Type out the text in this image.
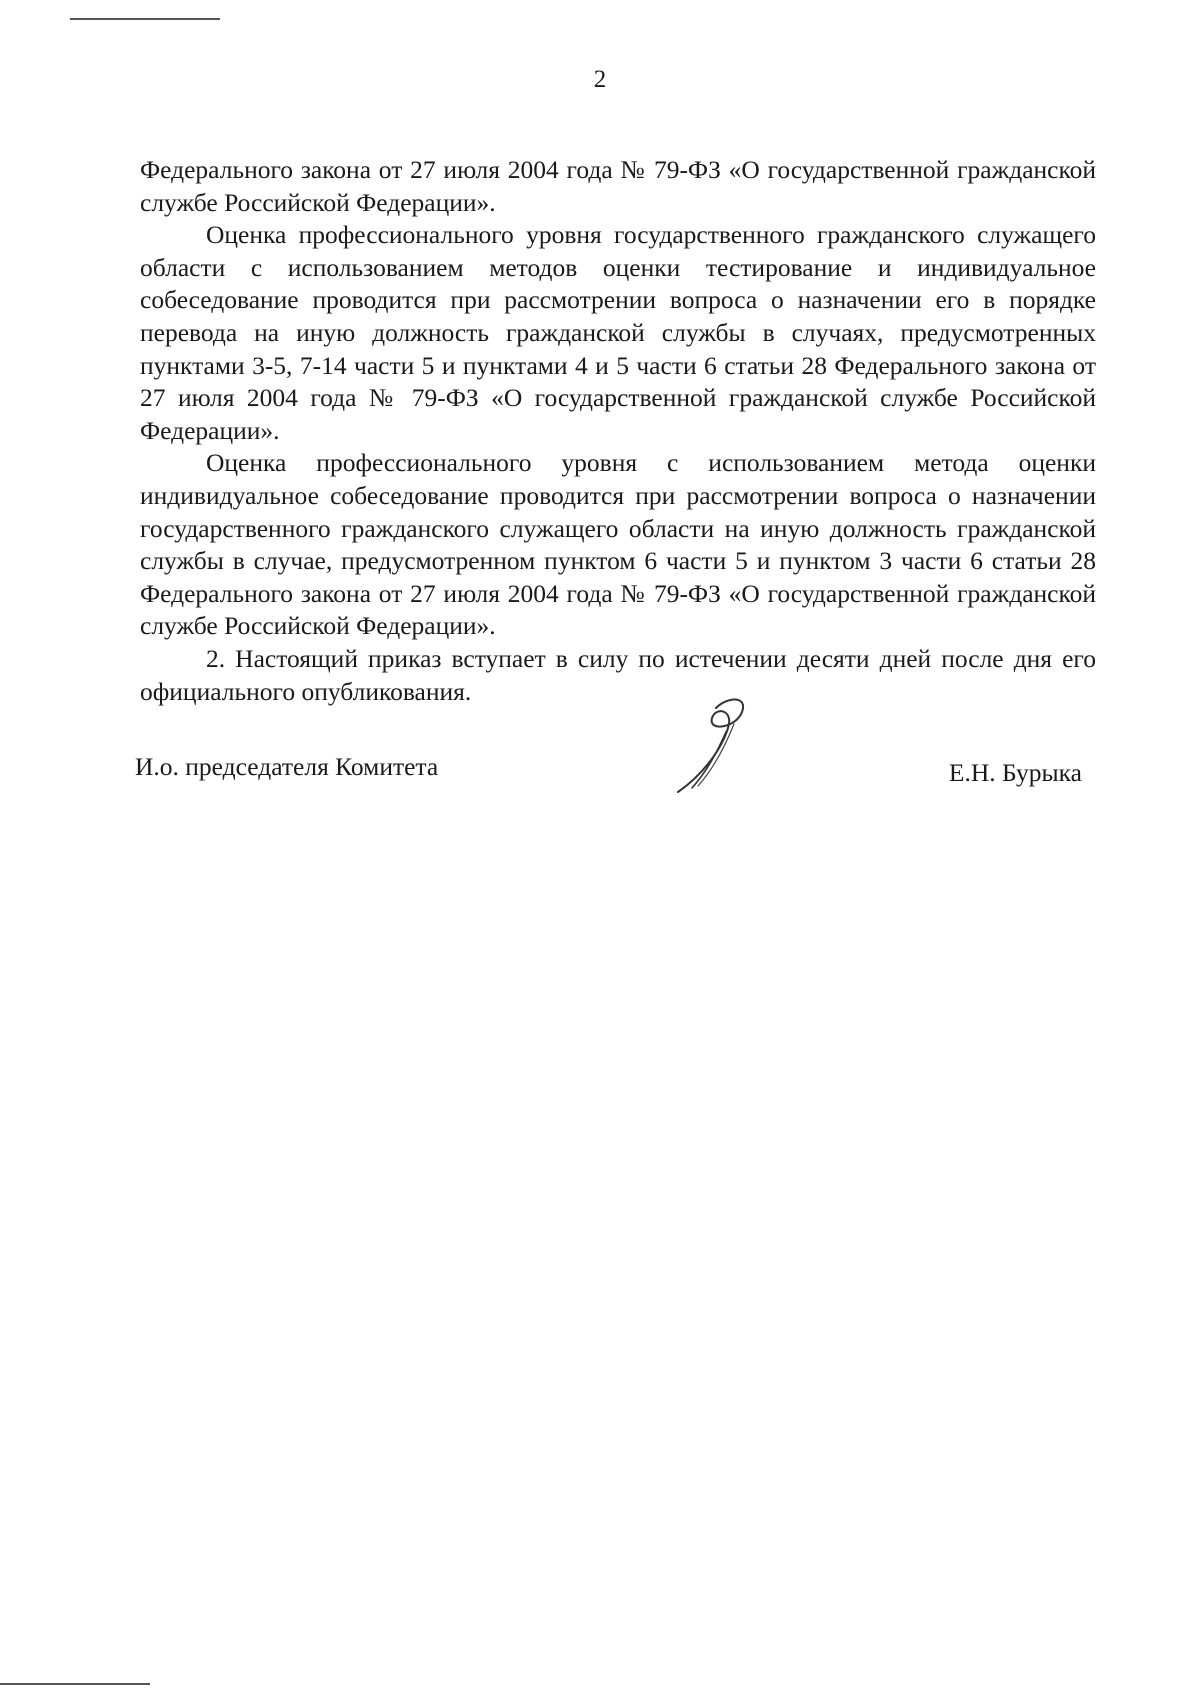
2

Федерального закона от 27 июля 2004 года № 79-ФЗ «О государственной гражданской службе Российской Федерации».

Оценка профессионального уровня государственного гражданского служащего области с использованием методов оценки тестирование и индивидуальное собеседование проводится при рассмотрении вопроса о назначении его в порядке перевода на иную должность гражданской службы в случаях, предусмотренных пунктами 3-5, 7-14 части 5 и пунктами 4 и 5 части 6 статьи 28 Федерального закона от 27 июля 2004 года № 79-ФЗ «О государственной гражданской службе Российской Федерации».

Оценка профессионального уровня с использованием метода оценки индивидуальное собеседование проводится при рассмотрении вопроса о назначении государственного гражданского служащего области на иную должность гражданской службы в случае, предусмотренном пунктом 6 части 5 и пунктом 3 части 6 статьи 28 Федерального закона от 27 июля 2004 года № 79-ФЗ «О государственной гражданской службе Российской Федерации».

2. Настоящий приказ вступает в силу по истечении десяти дней после дня его официального опубликования.

И.о. председателя Комитета	Е.Н. Бурыка
